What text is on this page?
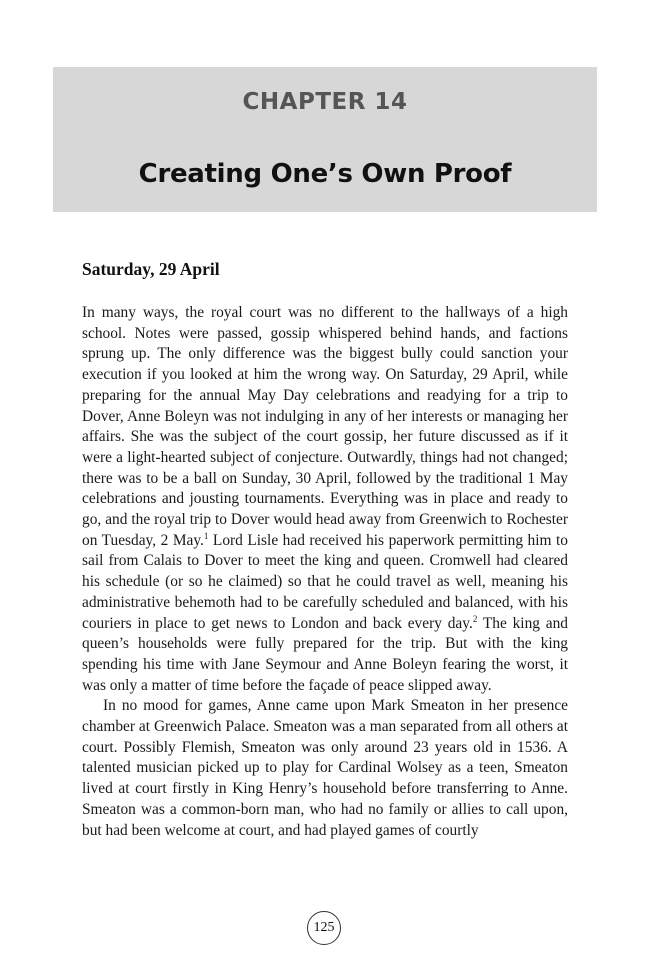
CHAPTER 14
Creating One’s Own Proof
Saturday, 29 April

In many ways, the royal court was no different to the hallways of a high school. Notes were passed, gossip whispered behind hands, and factions sprung up. The only difference was the biggest bully could sanction your execution if you looked at him the wrong way. On Saturday, 29 April, while preparing for the annual May Day celebrations and readying for a trip to Dover, Anne Boleyn was not indulging in any of her interests or managing her affairs. She was the subject of the court gossip, her future discussed as if it were a light-hearted subject of conjecture. Outwardly, things had not changed; there was to be a ball on Sunday, 30 April, followed by the traditional 1 May celebrations and jousting tournaments. Everything was in place and ready to go, and the royal trip to Dover would head away from Greenwich to Rochester on Tuesday, 2 May.$^1$ Lord Lisle had received his paperwork permitting him to sail from Calais to Dover to meet the king and queen. Cromwell had cleared his schedule (or so he claimed) so that he could travel as well, meaning his administrative behemoth had to be carefully scheduled and balanced, with his couriers in place to get news to London and back every day.$^2$ The king and queen’s households were fully prepared for the trip. But with the king spending his time with Jane Seymour and Anne Boleyn fearing the worst, it was only a matter of time before the façade of peace slipped away.

In no mood for games, Anne came upon Mark Smeaton in her presence chamber at Greenwich Palace. Smeaton was a man separated from all others at court. Possibly Flemish, Smeaton was only around 23 years old in 1536. A talented musician picked up to play for Cardinal Wolsey as a teen, Smeaton lived at court firstly in King Henry’s household before transferring to Anne. Smeaton was a common-born man, who had no family or allies to call upon, but had been welcome at court, and had played games of courtly

125
